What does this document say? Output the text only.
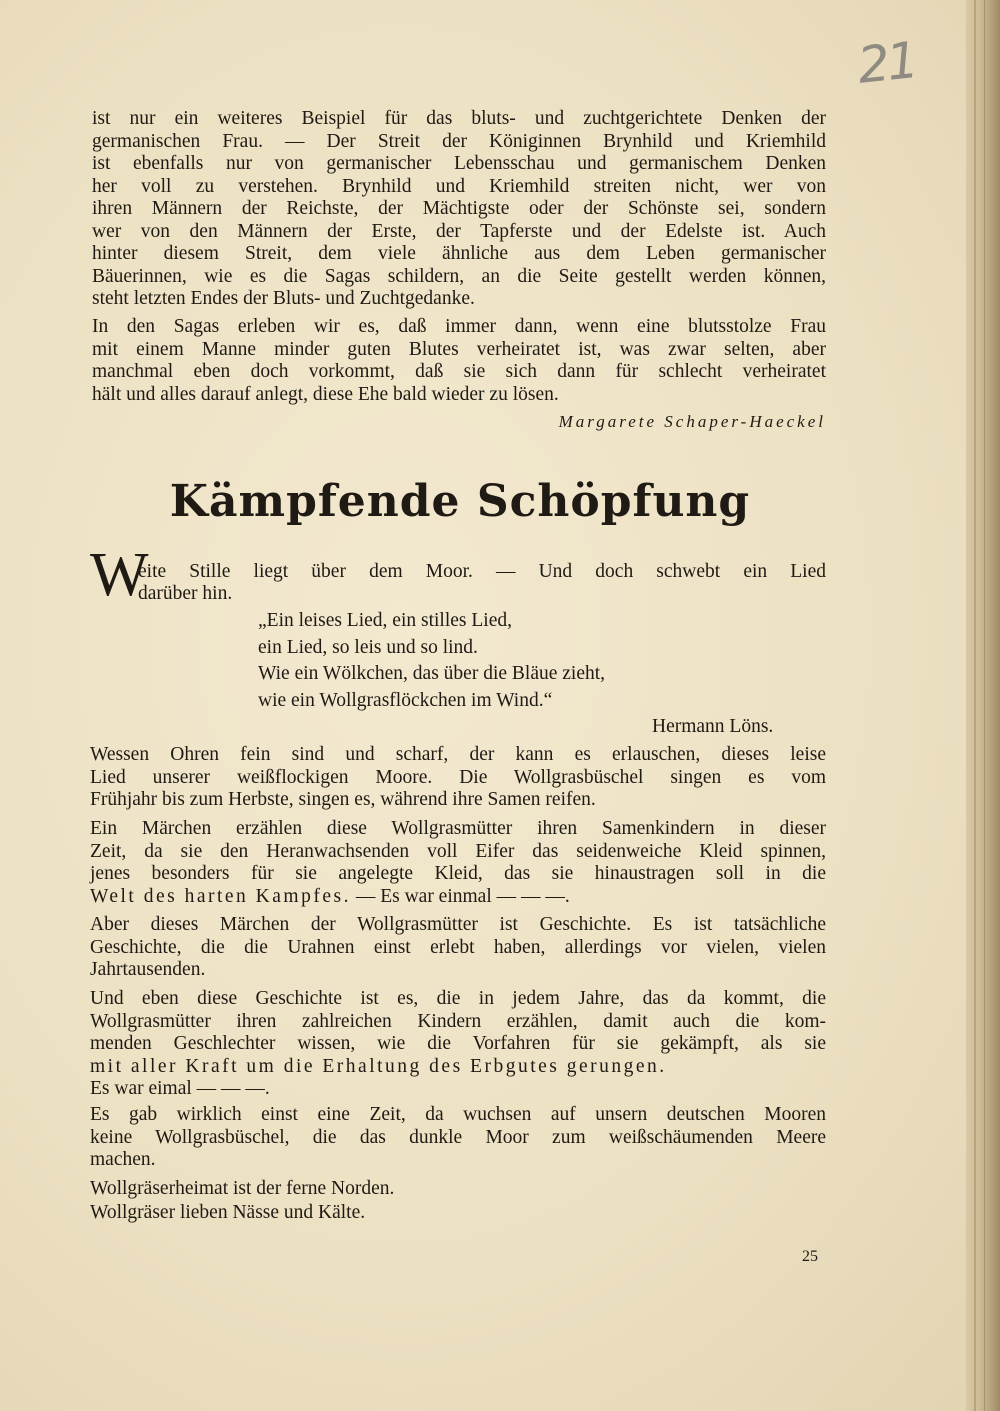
21
ist nur ein weiteres Beispiel für das bluts- und zuchtgerichtete Denken der
germanischen Frau. — Der Streit der Königinnen Brynhild und Kriemhild
ist ebenfalls nur von germanischer Lebensschau und germanischem Denken
her voll zu verstehen. Brynhild und Kriemhild streiten nicht, wer von
ihren Männern der Reichste, der Mächtigste oder der Schönste sei, sondern
wer von den Männern der Erste, der Tapferste und der Edelste ist. Auch
hinter diesem Streit, dem viele ähnliche aus dem Leben germanischer
Bäuerinnen, wie es die Sagas schildern, an die Seite gestellt werden können,
steht letzten Endes der Bluts- und Zuchtgedanke.
In den Sagas erleben wir es, daß immer dann, wenn eine blutsstolze Frau
mit einem Manne minder guten Blutes verheiratet ist, was zwar selten, aber
manchmal eben doch vorkommt, daß sie sich dann für schlecht verheiratet
hält und alles darauf anlegt, diese Ehe bald wieder zu lösen.
Margarete Schaper-Haeckel
Kämpfende Schöpfung
W
eite Stille liegt über dem Moor. — Und doch schwebt ein Lied
darüber hin.
„Ein leises Lied, ein stilles Lied,
ein Lied, so leis und so lind.
Wie ein Wölkchen, das über die Bläue zieht,
wie ein Wollgrasflöckchen im Wind.“
Hermann Löns.
Wessen Ohren fein sind und scharf, der kann es erlauschen, dieses leise
Lied unserer weißflockigen Moore. Die Wollgrasbüschel singen es vom
Frühjahr bis zum Herbste, singen es, während ihre Samen reifen.
Ein Märchen erzählen diese Wollgrasmütter ihren Samenkindern in dieser
Zeit, da sie den Heranwachsenden voll Eifer das seidenweiche Kleid spinnen,
jenes besonders für sie angelegte Kleid, das sie hinaustragen soll in die
Welt des harten Kampfes. — Es war einmal — — —.
Aber dieses Märchen der Wollgrasmütter ist Geschichte. Es ist tatsächliche
Geschichte, die die Urahnen einst erlebt haben, allerdings vor vielen, vielen
Jahrtausenden.
Und eben diese Geschichte ist es, die in jedem Jahre, das da kommt, die
Wollgrasmütter ihren zahlreichen Kindern erzählen, damit auch die kom-
menden Geschlechter wissen, wie die Vorfahren für sie gekämpft, als sie
mit aller Kraft um die Erhaltung des Erbgutes gerungen.
Es war eimal — — —.
Es gab wirklich einst eine Zeit, da wuchsen auf unsern deutschen Mooren
keine Wollgrasbüschel, die das dunkle Moor zum weißschäumenden Meere
machen.
Wollgräserheimat ist der ferne Norden.
Wollgräser lieben Nässe und Kälte.
25
